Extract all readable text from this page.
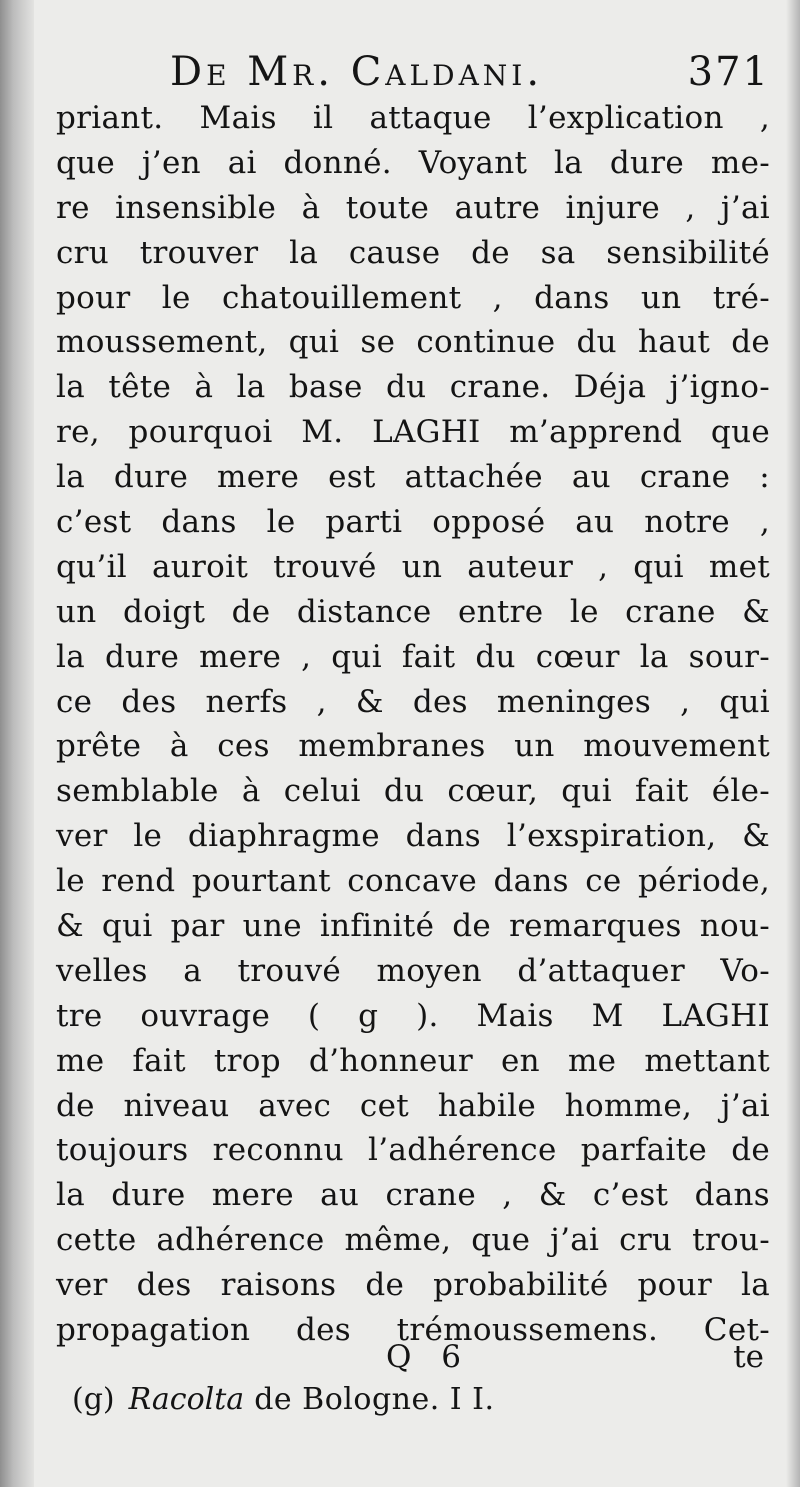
De Mr. Caldani.	371
priant. Mais il attaque l’explication ,
que j’en ai donné. Voyant la dure me-
re insensible à toute autre injure , j’ai
cru trouver la cause de sa sensibilité
pour le chatouillement , dans un tré-
moussement, qui se continue du haut de
la tête à la base du crane. Déja j’igno-
re, pourquoi M. LAGHI m’apprend que
la dure mere est attachée au crane :
c’est dans le parti opposé au notre ,
qu’il auroit trouvé un auteur , qui met
un doigt de distance entre le crane &
la dure mere , qui fait du cœur la sour-
ce des nerfs , & des meninges , qui
prête à ces membranes un mouvement
semblable à celui du cœur, qui fait éle-
ver le diaphragme dans l’exspiration, &
le rend pourtant concave dans ce période,
& qui par une infinité de remarques nou-
velles a trouvé moyen d’attaquer Vo-
tre ouvrage ( g ). Mais M LAGHI
me fait trop d’honneur en me mettant
de niveau avec cet habile homme, j’ai
toujours reconnu l’adhérence parfaite de
la dure mere au crane , & c’est dans
cette adhérence même, que j’ai cru trou-
ver des raisons de probabilité pour la
propagation des trémoussemens. Cet-
Q 6	te
(g) Racolta de Bologne. I I.
